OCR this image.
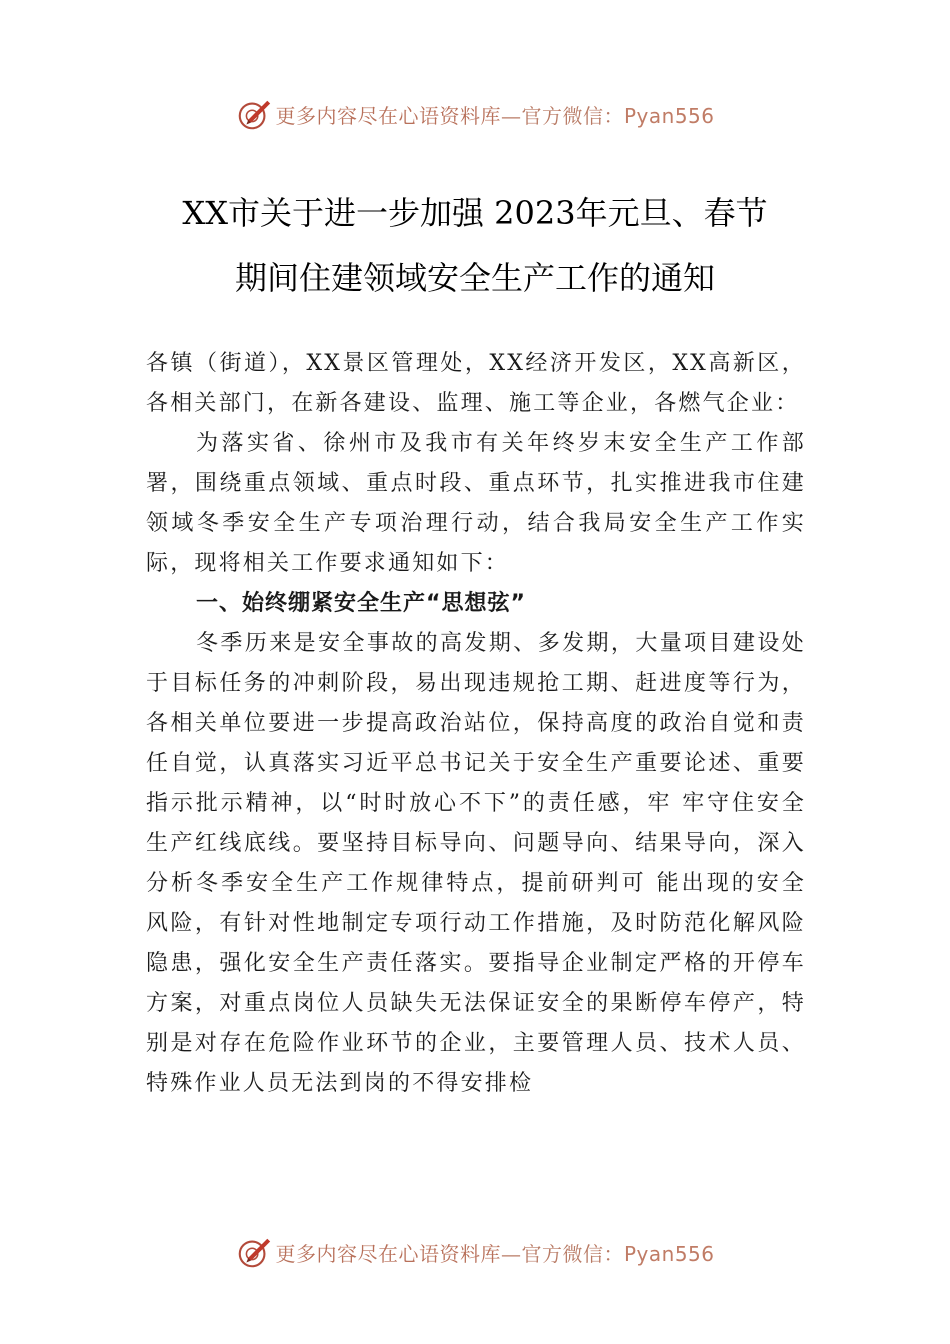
更多内容尽在心语资料库—官方微信：Pyan556
XX市关于进一步加强 2023年元旦、春节
期间住建领域安全生产工作的通知

各镇（街道），XX景区管理处，XX经济开发区，XX高新区，各相关部门，在新各建设、监理、施工等企业，各燃气企业：

为落实省、徐州市及我市有关年终岁末安全生产工作部署，围绕重点领域、重点时段、重点环节，扎实推进我市住建领域冬季安全生产专项治理行动，结合我局安全生产工作实际，现将相关工作要求通知如下：

一、始终绷紧安全生产“思想弦”

冬季历来是安全事故的高发期、多发期，大量项目建设处于目标任务的冲刺阶段，易出现违规抢工期、赶进度等行为，各相关单位要进一步提高政治站位，保持高度的政治自觉和责任自觉，认真落实习近平总书记关于安全生产重要论述、重要指示批示精神，以“时时放心不下”的责任感，牢 牢守住安全生产红线底线。要坚持目标导向、问题导向、结果导向，深入分析冬季安全生产工作规律特点，提前研判可 能出现的安全风险，有针对性地制定专项行动工作措施，及时防范化解风险隐患，强化安全生产责任落实。要指导企业制定严格的开停车方案，对重点岗位人员缺失无法保证安全的果断停车停产，特别是对存在危险作业环节的企业，主要管理人员、技术人员、特殊作业人员无法到岗的不得安排检

更多内容尽在心语资料库—官方微信：Pyan556
